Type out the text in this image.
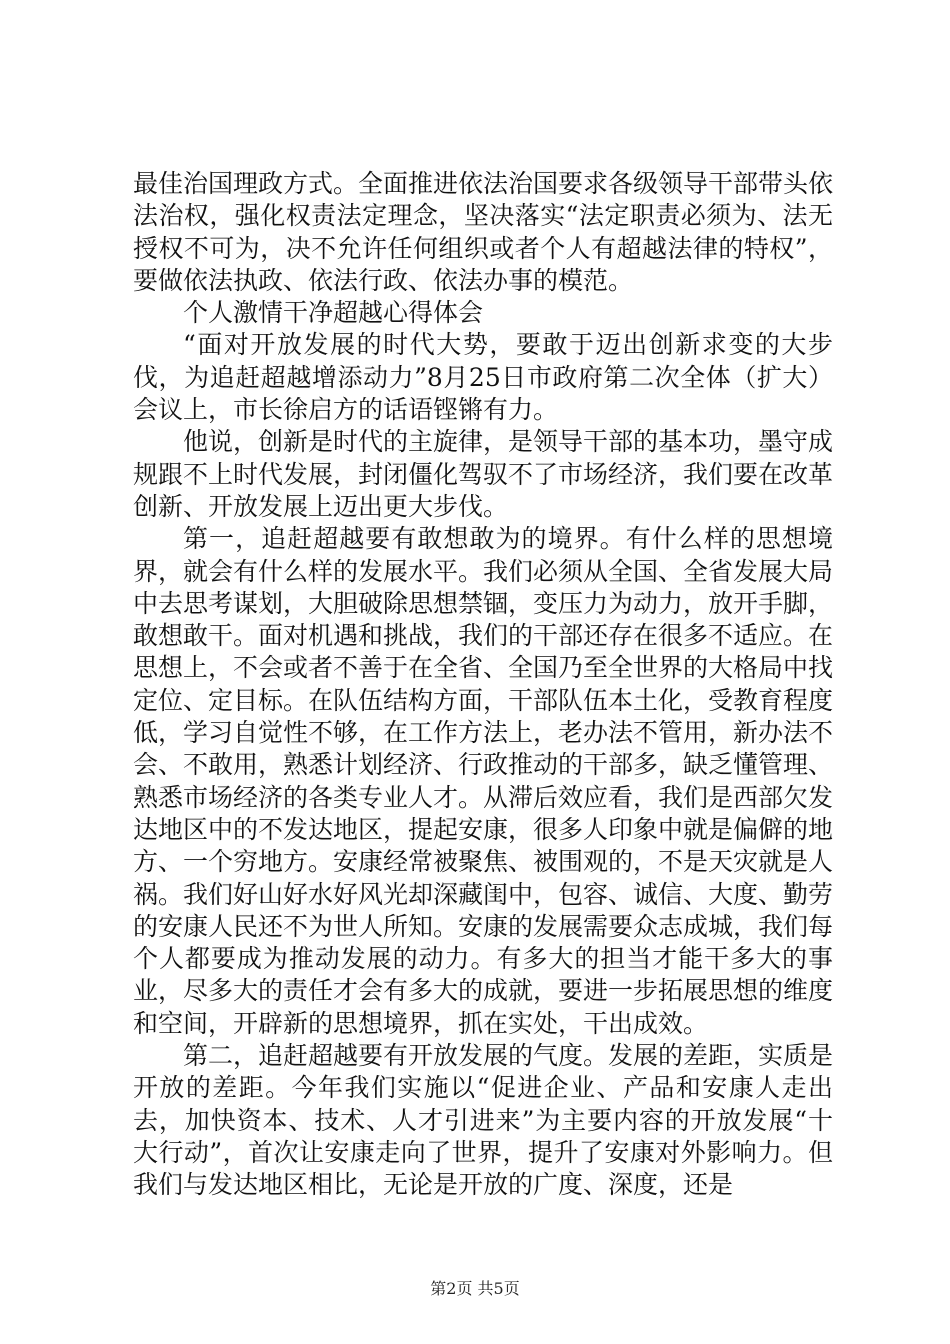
最佳治国理政方式。全面推进依法治国要求各级领导干部带头依法治权，强化权责法定理念，坚决落实“法定职责必须为、法无授权不可为，决不允许任何组织或者个人有超越法律的特权”，要做依法执政、依法行政、依法办事的模范。

个人激情干净超越心得体会

“面对开放发展的时代大势，要敢于迈出创新求变的大步伐，为追赶超越增添动力”8月25日市政府第二次全体（扩大）会议上，市长徐启方的话语铿锵有力。

他说，创新是时代的主旋律，是领导干部的基本功，墨守成规跟不上时代发展，封闭僵化驾驭不了市场经济，我们要在改革创新、开放发展上迈出更大步伐。

第一，追赶超越要有敢想敢为的境界。有什么样的思想境界，就会有什么样的发展水平。我们必须从全国、全省发展大局中去思考谋划，大胆破除思想禁锢，变压力为动力，放开手脚，敢想敢干。面对机遇和挑战，我们的干部还存在很多不适应。在思想上，不会或者不善于在全省、全国乃至全世界的大格局中找定位、定目标。在队伍结构方面，干部队伍本土化，受教育程度低，学习自觉性不够，在工作方法上，老办法不管用，新办法不会、不敢用，熟悉计划经济、行政推动的干部多，缺乏懂管理、熟悉市场经济的各类专业人才。从滞后效应看，我们是西部欠发达地区中的不发达地区，提起安康，很多人印象中就是偏僻的地方、一个穷地方。安康经常被聚焦、被围观的，不是天灾就是人祸。我们好山好水好风光却深藏闺中，包容、诚信、大度、勤劳的安康人民还不为世人所知。安康的发展需要众志成城，我们每个人都要成为推动发展的动力。有多大的担当才能干多大的事业，尽多大的责任才会有多大的成就，要进一步拓展思想的维度和空间，开辟新的思想境界，抓在实处，干出成效。

第二，追赶超越要有开放发展的气度。发展的差距，实质是开放的差距。今年我们实施以“促进企业、产品和安康人走出去，加快资本、技术、人才引进来”为主要内容的开放发展“十大行动”，首次让安康走向了世界，提升了安康对外影响力。但我们与发达地区相比，无论是开放的广度、深度，还是

第2页 共5页
